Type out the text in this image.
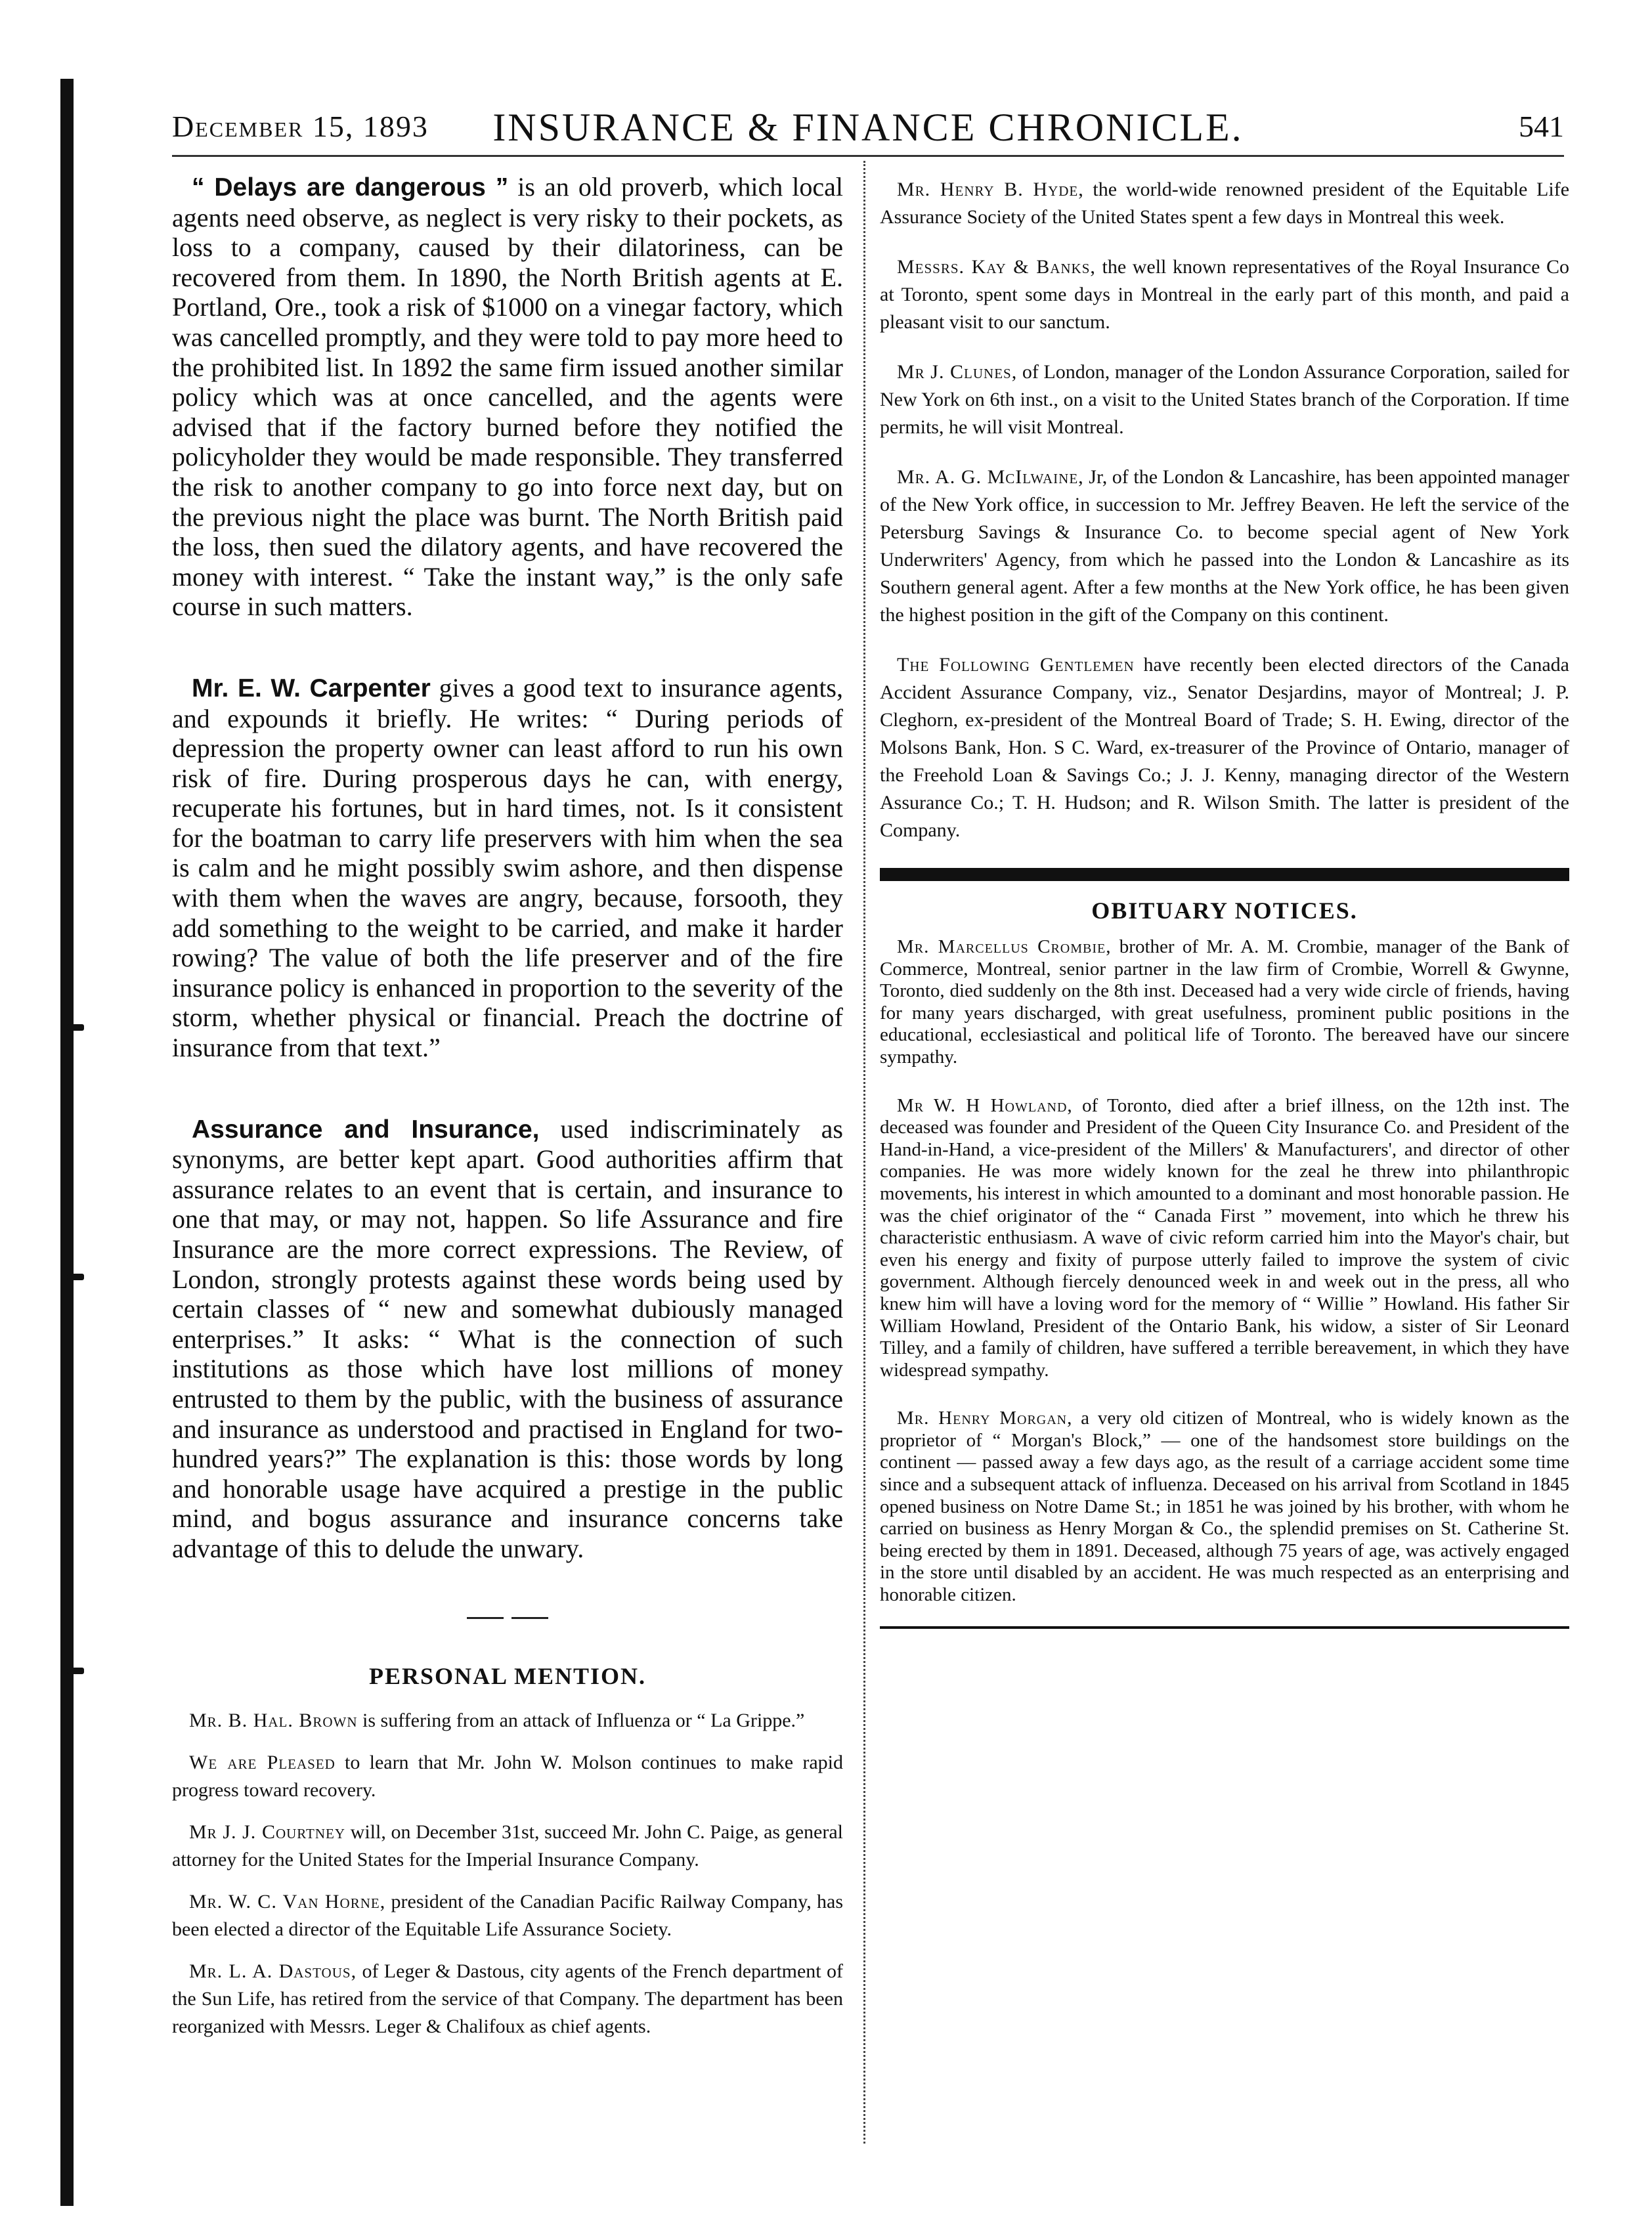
December 15, 1893	INSURANCE & FINANCE CHRONICLE.	541

“ Delays are dangerous ” is an old proverb, which local agents need observe, as neglect is very risky to their pockets, as loss to a company, caused by their dilatoriness, can be recovered from them. In 1890, the North British agents at E. Portland, Ore., took a risk of $1000 on a vinegar factory, which was cancelled promptly, and they were told to pay more heed to the prohibited list. In 1892 the same firm issued another similar policy which was at once cancelled, and the agents were advised that if the factory burned before they notified the policyholder they would be made responsible. They transferred the risk to another company to go into force next day, but on the previous night the place was burnt. The North British paid the loss, then sued the dilatory agents, and have recovered the money with interest. “ Take the instant way,” is the only safe course in such matters.

Mr. E. W. Carpenter gives a good text to insurance agents, and expounds it briefly. He writes: “ During periods of depression the property owner can least afford to run his own risk of fire. During prosperous days he can, with energy, recuperate his fortunes, but in hard times, not. Is it consistent for the boatman to carry life preservers with him when the sea is calm and he might possibly swim ashore, and then dispense with them when the waves are angry, because, forsooth, they add something to the weight to be carried, and make it harder rowing? The value of both the life preserver and of the fire insurance policy is enhanced in proportion to the severity of the storm, whether physical or financial. Preach the doctrine of insurance from that text.”

Assurance and Insurance, used indiscriminately as synonyms, are better kept apart. Good authorities affirm that assurance relates to an event that is certain, and insurance to one that may, or may not, happen. So life Assurance and fire Insurance are the more correct expressions. The Review, of London, strongly protests against these words being used by certain classes of “ new and somewhat dubiously managed enterprises.” It asks: “ What is the connection of such institutions as those which have lost millions of money entrusted to them by the public, with the business of assurance and insurance as understood and practised in England for two-hundred years?” The explanation is this: those words by long and honorable usage have acquired a prestige in the public mind, and bogus assurance and insurance concerns take advantage of this to delude the unwary.

PERSONAL MENTION.

Mr. B. Hal. Brown is suffering from an attack of Influenza or “ La Grippe.”

We are Pleased to learn that Mr. John W. Molson continues to make rapid progress toward recovery.

Mr J. J. Courtney will, on December 31st, succeed Mr. John C. Paige, as general attorney for the United States for the Imperial Insurance Company.

Mr. W. C. Van Horne, president of the Canadian Pacific Railway Company, has been elected a director of the Equitable Life Assurance Society.

Mr. L. A. Dastous, of Leger & Dastous, city agents of the French department of the Sun Life, has retired from the service of that Company. The department has been reorganized with Messrs. Leger & Chalifoux as chief agents.

Mr. Henry B. Hyde, the world-wide renowned president of the Equitable Life Assurance Society of the United States spent a few days in Montreal this week.

Messrs. Kay & Banks, the well known representatives of the Royal Insurance Co at Toronto, spent some days in Montreal in the early part of this month, and paid a pleasant visit to our sanctum.

Mr J. Clunes, of London, manager of the London Assurance Corporation, sailed for New York on 6th inst., on a visit to the United States branch of the Corporation. If time permits, he will visit Montreal.

Mr. A. G. McIlwaine, Jr, of the London & Lancashire, has been appointed manager of the New York office, in succession to Mr. Jeffrey Beaven. He left the service of the Petersburg Savings & Insurance Co. to become special agent of New York Underwriters' Agency, from which he passed into the London & Lancashire as its Southern general agent. After a few months at the New York office, he has been given the highest position in the gift of the Company on this continent.

The Following Gentlemen have recently been elected directors of the Canada Accident Assurance Company, viz., Senator Desjardins, mayor of Montreal; J. P. Cleghorn, ex-president of the Montreal Board of Trade; S. H. Ewing, director of the Molsons Bank, Hon. S C. Ward, ex-treasurer of the Province of Ontario, manager of the Freehold Loan & Savings Co.; J. J. Kenny, managing director of the Western Assurance Co.; T. H. Hudson; and R. Wilson Smith. The latter is president of the Company.

OBITUARY NOTICES.

Mr. Marcellus Crombie, brother of Mr. A. M. Crombie, manager of the Bank of Commerce, Montreal, senior partner in the law firm of Crombie, Worrell & Gwynne, Toronto, died suddenly on the 8th inst. Deceased had a very wide circle of friends, having for many years discharged, with great usefulness, prominent public positions in the educational, ecclesiastical and political life of Toronto. The bereaved have our sincere sympathy.

Mr W. H Howland, of Toronto, died after a brief illness, on the 12th inst. The deceased was founder and President of the Queen City Insurance Co. and President of the Hand-in-Hand, a vice-president of the Millers' & Manufacturers', and director of other companies. He was more widely known for the zeal he threw into philanthropic movements, his interest in which amounted to a dominant and most honorable passion. He was the chief originator of the “ Canada First ” movement, into which he threw his characteristic enthusiasm. A wave of civic reform carried him into the Mayor's chair, but even his energy and fixity of purpose utterly failed to improve the system of civic government. Although fiercely denounced week in and week out in the press, all who knew him will have a loving word for the memory of “ Willie ” Howland. His father Sir William Howland, President of the Ontario Bank, his widow, a sister of Sir Leonard Tilley, and a family of children, have suffered a terrible bereavement, in which they have widespread sympathy.

Mr. Henry Morgan, a very old citizen of Montreal, who is widely known as the proprietor of “ Morgan's Block,” — one of the handsomest store buildings on the continent — passed away a few days ago, as the result of a carriage accident some time since and a subsequent attack of influenza. Deceased on his arrival from Scotland in 1845 opened business on Notre Dame St.; in 1851 he was joined by his brother, with whom he carried on business as Henry Morgan & Co., the splendid premises on St. Catherine St. being erected by them in 1891. Deceased, although 75 years of age, was actively engaged in the store until disabled by an accident. He was much respected as an enterprising and honorable citizen.
